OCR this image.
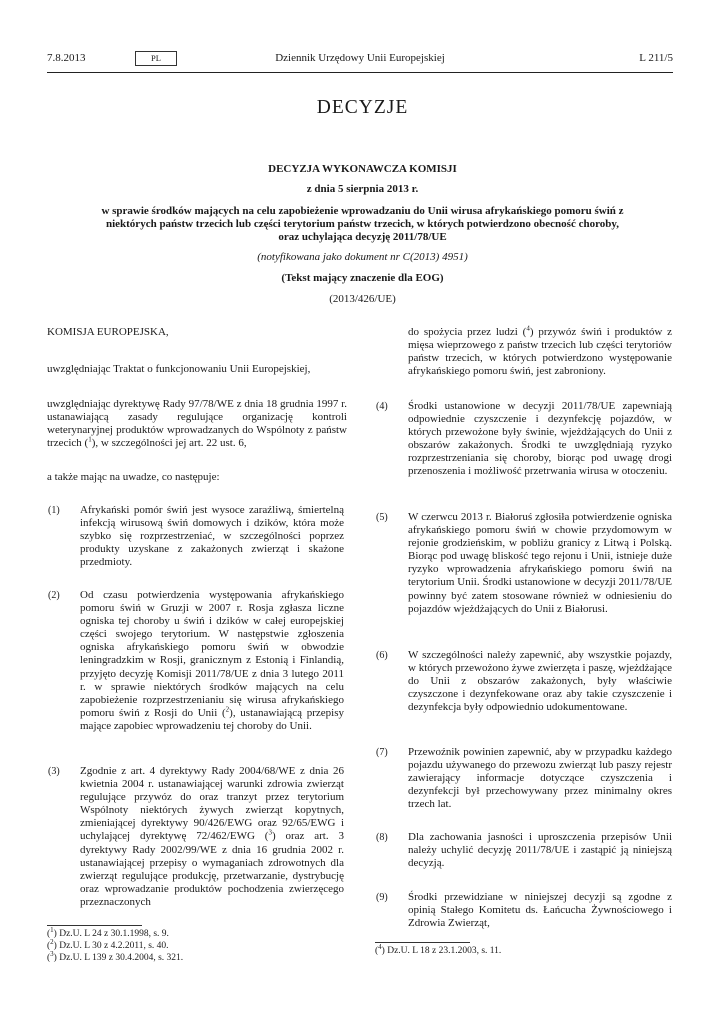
7.8.2013	PL	Dziennik Urzędowy Unii Europejskiej	L 211/5
DECYZJE
DECYZJA WYKONAWCZA KOMISJI
z dnia 5 sierpnia 2013 r.
w sprawie środków mających na celu zapobieżenie wprowadzaniu do Unii wirusa afrykańskiego pomoru świń z niektórych państw trzecich lub części terytorium państw trzecich, w których potwierdzono obecność choroby, oraz uchylająca decyzję 2011/78/UE
(notyfikowana jako dokument nr C(2013) 4951)
(Tekst mający znaczenie dla EOG)
(2013/426/UE)
KOMISJA EUROPEJSKA,
uwzględniając Traktat o funkcjonowaniu Unii Europejskiej,
uwzględniając dyrektywę Rady 97/78/WE z dnia 18 grudnia 1997 r. ustanawiającą zasady regulujące organizację kontroli weterynaryjnej produktów wprowadzanych do Wspólnoty z państw trzecich ($^1$), w szczególności jej art. 22 ust. 6,
a także mając na uwadze, co następuje:
(1) Afrykański pomór świń jest wysoce zaraźliwą, śmiertelną infekcją wirusową świń domowych i dzików, która może szybko się rozprzestrzeniać, w szczególności poprzez produkty uzyskane z zakażonych zwierząt i skażone przedmioty.
(2) Od czasu potwierdzenia występowania afrykańskiego pomoru świń w Gruzji w 2007 r. Rosja zgłasza liczne ogniska tej choroby u świń i dzików w całej europejskiej części swojego terytorium. W następstwie zgłoszenia ogniska afrykańskiego pomoru świń w obwodzie leningradzkim w Rosji, granicznym z Estonią i Finlandią, przyjęto decyzję Komisji 2011/78/UE z dnia 3 lutego 2011 r. w sprawie niektórych środków mających na celu zapobieżenie rozprzestrzenianiu się wirusa afrykańskiego pomoru świń z Rosji do Unii ($^2$), ustanawiającą przepisy mające zapobiec wprowadzeniu tej choroby do Unii.
(3) Zgodnie z art. 4 dyrektywy Rady 2004/68/WE z dnia 26 kwietnia 2004 r. ustanawiającej warunki zdrowia zwierząt regulujące przywóz do oraz tranzyt przez terytorium Wspólnoty niektórych żywych zwierząt kopytnych, zmieniającej dyrektywy 90/426/EWG oraz 92/65/EWG i uchylającej dyrektywę 72/462/EWG ($^3$) oraz art. 3 dyrektywy Rady 2002/99/WE z dnia 16 grudnia 2002 r. ustanawiającej przepisy o wymaganiach zdrowotnych dla zwierząt regulujące produkcję, przetwarzanie, dystrybucję oraz wprowadzanie produktów pochodzenia zwierzęcego przeznaczonych
($^1$) Dz.U. L 24 z 30.1.1998, s. 9.
($^2$) Dz.U. L 30 z 4.2.2011, s. 40.
($^3$) Dz.U. L 139 z 30.4.2004, s. 321.
do spożycia przez ludzi ($^4$) przywóz świń i produktów z mięsa wieprzowego z państw trzecich lub części terytoriów państw trzecich, w których potwierdzono występowanie afrykańskiego pomoru świń, jest zabroniony.
(4) Środki ustanowione w decyzji 2011/78/UE zapewniają odpowiednie czyszczenie i dezynfekcję pojazdów, w których przewożone były świnie, wjeżdżających do Unii z obszarów zakażonych. Środki te uwzględniają ryzyko rozprzestrzeniania się choroby, biorąc pod uwagę drogi przenoszenia i możliwość przetrwania wirusa w otoczeniu.
(5) W czerwcu 2013 r. Białoruś zgłosiła potwierdzenie ogniska afrykańskiego pomoru świń w chowie przydomowym w rejonie grodzieńskim, w pobliżu granicy z Litwą i Polską. Biorąc pod uwagę bliskość tego rejonu i Unii, istnieje duże ryzyko wprowadzenia afrykańskiego pomoru świń na terytorium Unii. Środki ustanowione w decyzji 2011/78/UE powinny być zatem stosowane również w odniesieniu do pojazdów wjeżdżających do Unii z Białorusi.
(6) W szczególności należy zapewnić, aby wszystkie pojazdy, w których przewożono żywe zwierzęta i paszę, wjeżdżające do Unii z obszarów zakażonych, były właściwie czyszczone i dezynfekowane oraz aby takie czyszczenie i dezynfekcja były odpowiednio udokumentowane.
(7) Przewoźnik powinien zapewnić, aby w przypadku każdego pojazdu używanego do przewozu zwierząt lub paszy rejestr zawierający informacje dotyczące czyszczenia i dezynfekcji był przechowywany przez minimalny okres trzech lat.
(8) Dla zachowania jasności i uproszczenia przepisów Unii należy uchylić decyzję 2011/78/UE i zastąpić ją niniejszą decyzją.
(9) Środki przewidziane w niniejszej decyzji są zgodne z opinią Stałego Komitetu ds. Łańcucha Żywnościowego i Zdrowia Zwierząt,
($^4$) Dz.U. L 18 z 23.1.2003, s. 11.
